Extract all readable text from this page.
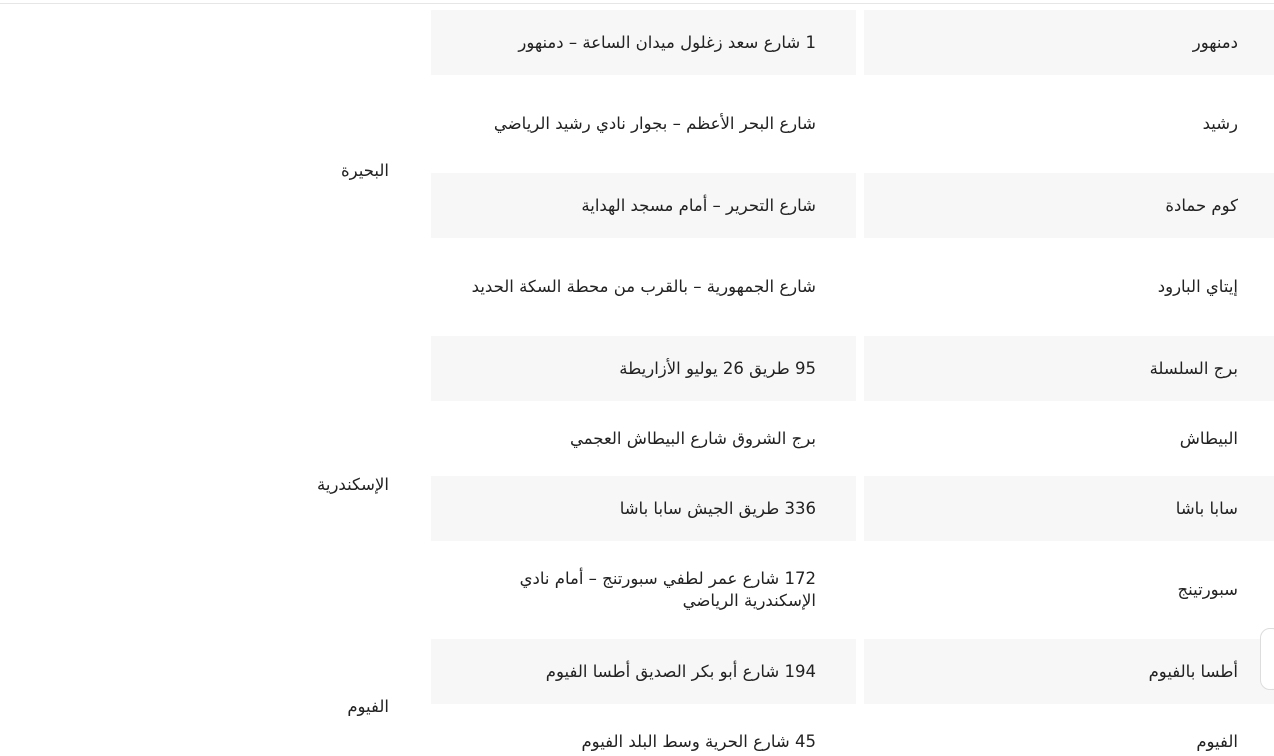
دمنهور	1 شارع سعد زغلول ميدان الساعة – دمنهور	البحيرة
رشيد	شارع البحر الأعظم – بجوار نادي رشيد الرياضي	
كوم حمادة	شارع التحرير – أمام مسجد الهداية	
إيتاي البارود	شارع الجمهورية – بالقرب من محطة السكة الحديد	
برج السلسلة	95 طريق 26 يوليو الأزاريطة	الإسكندرية
البيطاش	برج الشروق شارع البيطاش العجمي	
سابا باشا	336 طريق الجيش سابا باشا	
سبورتينج	172 شارع عمر لطفي سبورتنج – أمام نادي الإسكندرية الرياضي	
أطسا بالفيوم	194 شارع أبو بكر الصديق أطسا الفيوم	الفيوم
الفيوم	45 شارع الحرية وسط البلد الفيوم	
